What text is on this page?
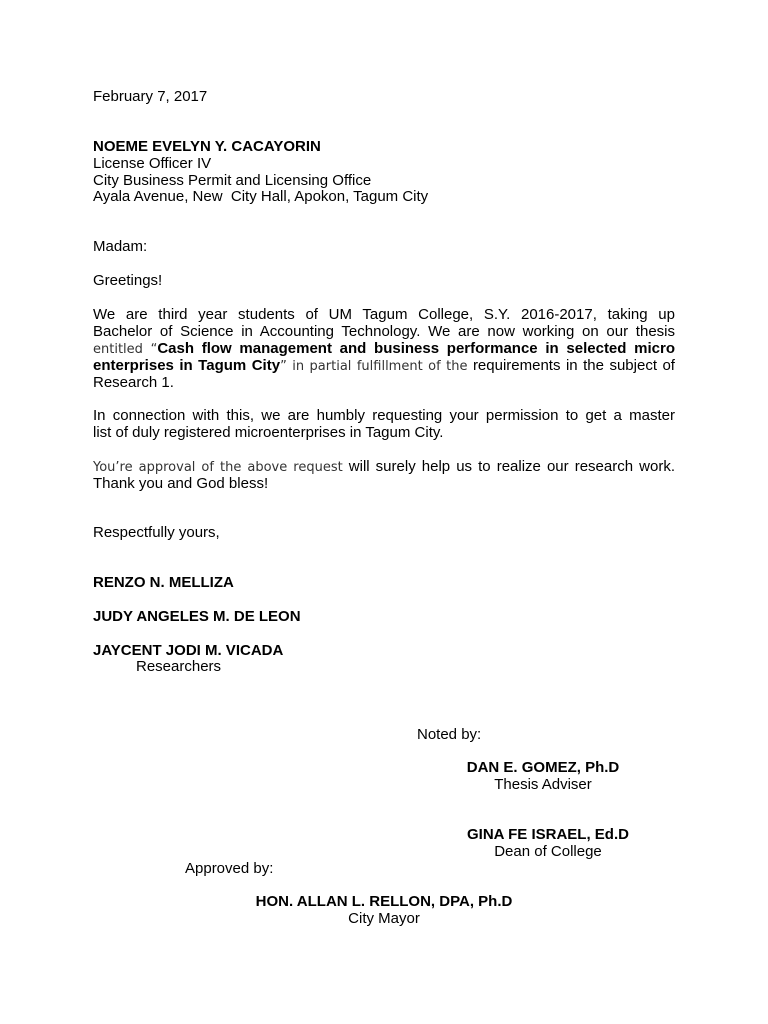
February 7, 2017
NOEME EVELYN Y. CACAYORIN
License Officer IV
City Business Permit and Licensing Office
Ayala Avenue, New  City Hall, Apokon, Tagum City
Madam:
Greetings!
We are third year students of UM Tagum College, S.Y. 2016-2017, taking up
Bachelor of Science in Accounting Technology. We are now working on our thesis
entitled “Cash flow management and business performance in selected micro
enterprises in Tagum City” in partial fulfillment of the requirements in the subject of
Research 1.
In connection with this, we are humbly requesting your permission to get a master
list of duly registered microenterprises in Tagum City.
You’re approval of the above request will surely help us to realize our research work.
Thank you and God bless!
Respectfully yours,
RENZO N. MELLIZA
JUDY ANGELES M. DE LEON
JAYCENT JODI M. VICADA
Researchers
Noted by:
DAN E. GOMEZ, Ph.D
Thesis Adviser
GINA FE ISRAEL, Ed.D
Dean of College
Approved by:
HON. ALLAN L. RELLON, DPA, Ph.D
City Mayor
